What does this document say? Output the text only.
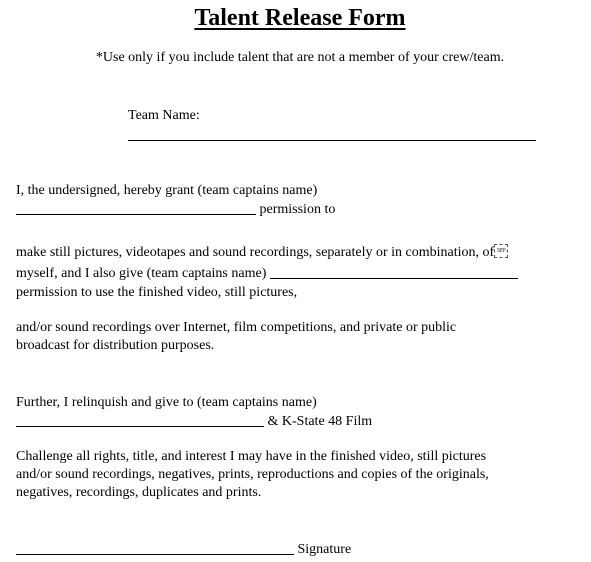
Talent Release Form
*Use only if you include talent that are not a member of your crew/team.
Team Name:
I, the undersigned, hereby grant (team captains name)
permission to
make still pictures, videotapes and sound recordings, separately or in combination, of SEP
myself, and I also give (team captains name)
permission to use the finished video, still pictures,
and/or sound recordings over Internet, film competitions, and private or public
broadcast for distribution purposes.
Further, I relinquish and give to (team captains name)
& K-State 48 Film
Challenge all rights, title, and interest I may have in the finished video, still pictures
and/or sound recordings, negatives, prints, reproductions and copies of the originals,
negatives, recordings, duplicates and prints.
Signature
